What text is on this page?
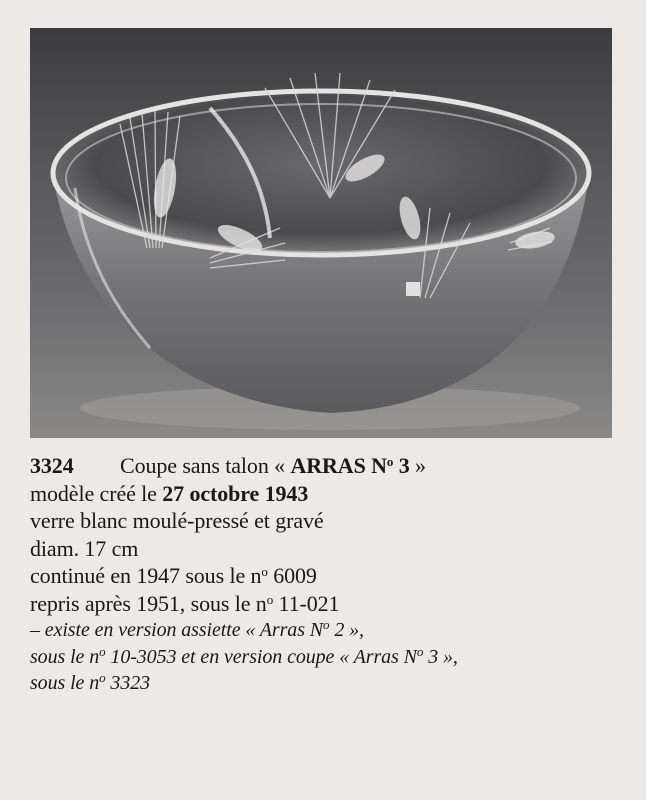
3324 Coupe sans talon « ARRAS $N^o$ 3 »
modèle créé le 27 octobre 1943
verre blanc moulé-pressé et gravé
diam. 17 cm
continué en 1947 sous le $n^o$ 6009
repris après 1951, sous le $n^o$ 11-021
– existe en version assiette « Arras $N^o$ 2 »,
sous le $n^o$ 10-3053 et en version coupe « Arras $N^o$ 3 »,
sous le $n^o$ 3323
